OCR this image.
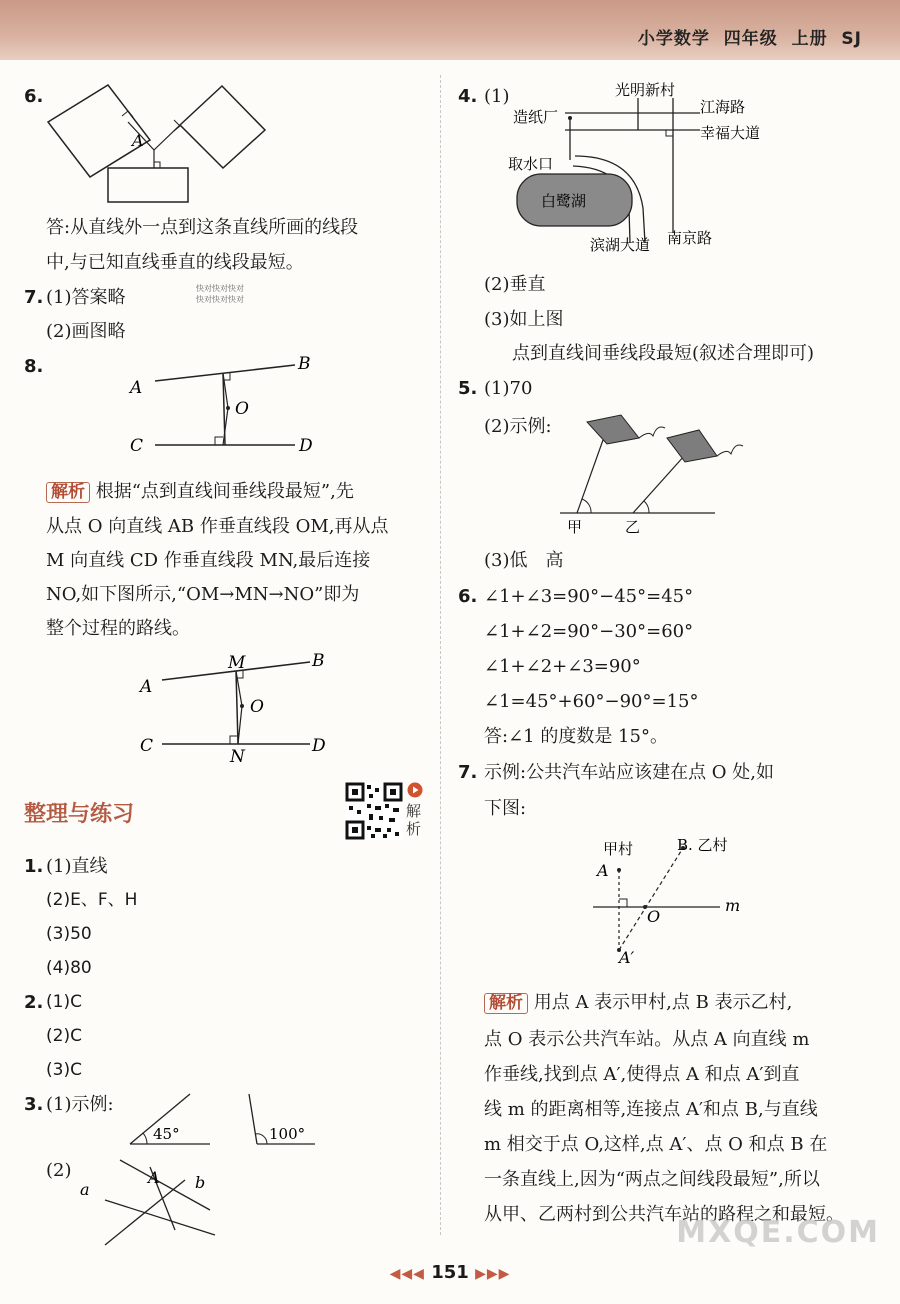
小学数学 四年级 上册 SJ
6.
A
答:从直线外一点到这条直线所画的线段
中,与已知直线垂直的线段最短。
7. (1)答案略
(2)画图略
快对快对快对
快对快对快对
8.
A
B
C	D
O
解析 根据“点到直线间垂线段最短”,先
从点 O 向直线 AB 作垂直线段 OM,再从点
M 向直线 CD 作垂直线段 MN,最后连接
NO,如下图所示,“OM→MN→NO”即为
整个过程的路线。
A
B
M
O
C	D
N
整理与练习	解析
1. (1)直线
(2)E、F、H
(3)50
(4)80
2. (1)C
(2)C
(3)C
3. (1)示例:
45°	100°
(2)
a
A b
4. (1)	光明新村
造纸厂
江海路
幸福大道
取水口
白鹭湖
滨湖大道 南京路
(2)垂直
(3)如上图
点到直线间垂线段最短(叙述合理即可)
5. (1)70
(2)示例:
甲	乙
(3)低　高
6. ∠1+∠3=90°−45°=45°
∠1+∠2=90°−30°=60°
∠1+∠2+∠3=90°
∠1=45°+60°−90°=15°
答:∠1 的度数是 15°。
7. 示例:公共汽车站应该建在点 O 处,如
下图:
甲村	B. 乙村
A
O
m
A′
解析 用点 A 表示甲村,点 B 表示乙村,
点 O 表示公共汽车站。从点 A 向直线 m
作垂线,找到点 A′,使得点 A 和点 A′到直
线 m 的距离相等,连接点 A′和点 B,与直线
m 相交于点 O,这样,点 A′、点 O 和点 B 在
一条直线上,因为“两点之间线段最短”,所以
从甲、乙两村到公共汽车站的路程之和最短。
◀◀◀ 151 ▶▶▶
MXQE.COM
